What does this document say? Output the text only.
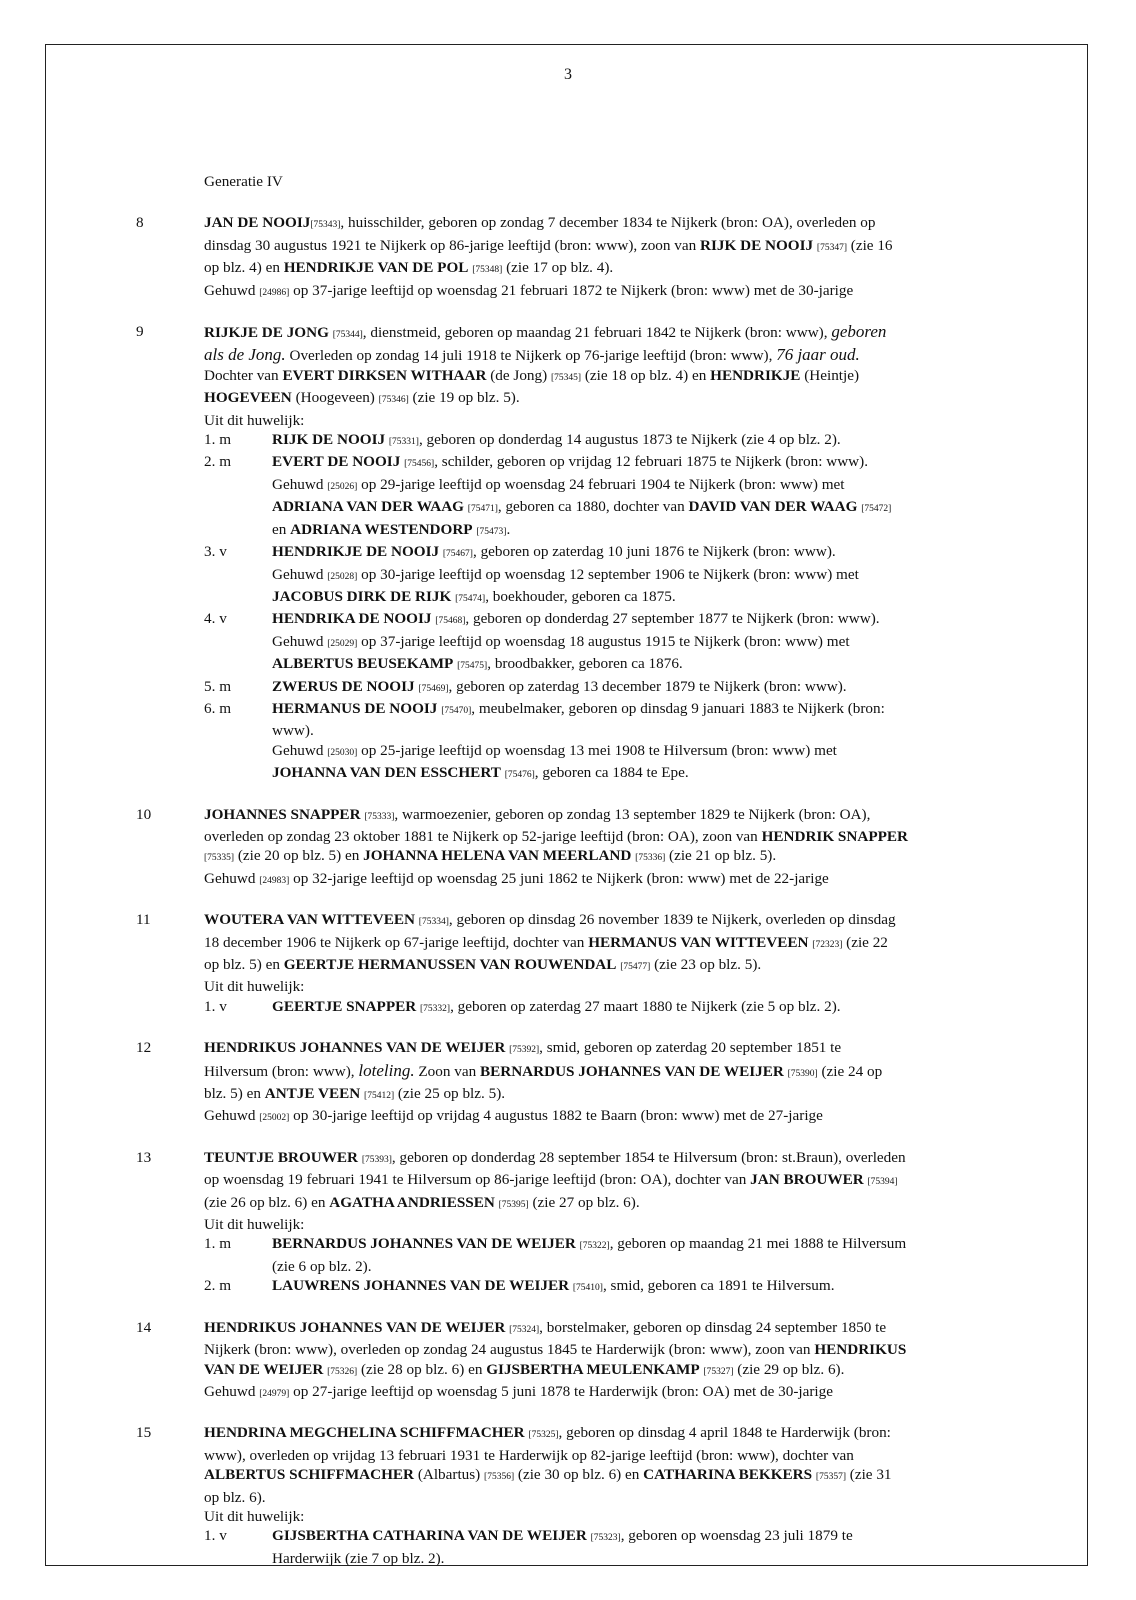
3
Generatie IV
8	JAN DE NOOIJ[75343], huisschilder, geboren op zondag 7 december 1834 te Nijkerk (bron: OA), overleden op
dinsdag 30 augustus 1921 te Nijkerk op 86-jarige leeftijd (bron: www), zoon van RIJK DE NOOIJ [75347] (zie 16
op blz. 4) en HENDRIKJE VAN DE POL [75348] (zie 17 op blz. 4).
Gehuwd [24986] op 37-jarige leeftijd op woensdag 21 februari 1872 te Nijkerk (bron: www) met de 30-jarige
9	RIJKJE DE JONG [75344], dienstmeid, geboren op maandag 21 februari 1842 te Nijkerk (bron: www), geboren
als de Jong. Overleden op zondag 14 juli 1918 te Nijkerk op 76-jarige leeftijd (bron: www), 76 jaar oud.
Dochter van EVERT DIRKSEN WITHAAR (de Jong) [75345] (zie 18 op blz. 4) en HENDRIKJE (Heintje)
HOGEVEEN (Hoogeveen) [75346] (zie 19 op blz. 5).
Uit dit huwelijk:
1. m	RIJK DE NOOIJ [75331], geboren op donderdag 14 augustus 1873 te Nijkerk (zie 4 op blz. 2).
2. m	EVERT DE NOOIJ [75456], schilder, geboren op vrijdag 12 februari 1875 te Nijkerk (bron: www).
Gehuwd [25026] op 29-jarige leeftijd op woensdag 24 februari 1904 te Nijkerk (bron: www) met
ADRIANA VAN DER WAAG [75471], geboren ca 1880, dochter van DAVID VAN DER WAAG [75472]
en ADRIANA WESTENDORP [75473].
3. v	HENDRIKJE DE NOOIJ [75467], geboren op zaterdag 10 juni 1876 te Nijkerk (bron: www).
Gehuwd [25028] op 30-jarige leeftijd op woensdag 12 september 1906 te Nijkerk (bron: www) met
JACOBUS DIRK DE RIJK [75474], boekhouder, geboren ca 1875.
4. v	HENDRIKA DE NOOIJ [75468], geboren op donderdag 27 september 1877 te Nijkerk (bron: www).
Gehuwd [25029] op 37-jarige leeftijd op woensdag 18 augustus 1915 te Nijkerk (bron: www) met
ALBERTUS BEUSEKAMP [75475], broodbakker, geboren ca 1876.
5. m	ZWERUS DE NOOIJ [75469], geboren op zaterdag 13 december 1879 te Nijkerk (bron: www).
6. m	HERMANUS DE NOOIJ [75470], meubelmaker, geboren op dinsdag 9 januari 1883 te Nijkerk (bron:
www).
Gehuwd [25030] op 25-jarige leeftijd op woensdag 13 mei 1908 te Hilversum (bron: www) met
JOHANNA VAN DEN ESSCHERT [75476], geboren ca 1884 te Epe.
10	JOHANNES SNAPPER [75333], warmoezenier, geboren op zondag 13 september 1829 te Nijkerk (bron: OA),
overleden op zondag 23 oktober 1881 te Nijkerk op 52-jarige leeftijd (bron: OA), zoon van HENDRIK SNAPPER
[75335] (zie 20 op blz. 5) en JOHANNA HELENA VAN MEERLAND [75336] (zie 21 op blz. 5).
Gehuwd [24983] op 32-jarige leeftijd op woensdag 25 juni 1862 te Nijkerk (bron: www) met de 22-jarige
11	WOUTERA VAN WITTEVEEN [75334], geboren op dinsdag 26 november 1839 te Nijkerk, overleden op dinsdag
18 december 1906 te Nijkerk op 67-jarige leeftijd, dochter van HERMANUS VAN WITTEVEEN [72323] (zie 22
op blz. 5) en GEERTJE HERMANUSSEN VAN ROUWENDAL [75477] (zie 23 op blz. 5).
Uit dit huwelijk:
1. v	GEERTJE SNAPPER [75332], geboren op zaterdag 27 maart 1880 te Nijkerk (zie 5 op blz. 2).
12	HENDRIKUS JOHANNES VAN DE WEIJER [75392], smid, geboren op zaterdag 20 september 1851 te
Hilversum (bron: www), loteling. Zoon van BERNARDUS JOHANNES VAN DE WEIJER [75390] (zie 24 op
blz. 5) en ANTJE VEEN [75412] (zie 25 op blz. 5).
Gehuwd [25002] op 30-jarige leeftijd op vrijdag 4 augustus 1882 te Baarn (bron: www) met de 27-jarige
13	TEUNTJE BROUWER [75393], geboren op donderdag 28 september 1854 te Hilversum (bron: st.Braun), overleden
op woensdag 19 februari 1941 te Hilversum op 86-jarige leeftijd (bron: OA), dochter van JAN BROUWER [75394]
(zie 26 op blz. 6) en AGATHA ANDRIESSEN [75395] (zie 27 op blz. 6).
Uit dit huwelijk:
1. m	BERNARDUS JOHANNES VAN DE WEIJER [75322], geboren op maandag 21 mei 1888 te Hilversum
(zie 6 op blz. 2).
2. m	LAUWRENS JOHANNES VAN DE WEIJER [75410], smid, geboren ca 1891 te Hilversum.
14	HENDRIKUS JOHANNES VAN DE WEIJER [75324], borstelmaker, geboren op dinsdag 24 september 1850 te
Nijkerk (bron: www), overleden op zondag 24 augustus 1845 te Harderwijk (bron: www), zoon van HENDRIKUS
VAN DE WEIJER [75326] (zie 28 op blz. 6) en GIJSBERTHA MEULENKAMP [75327] (zie 29 op blz. 6).
Gehuwd [24979] op 27-jarige leeftijd op woensdag 5 juni 1878 te Harderwijk (bron: OA) met de 30-jarige
15	HENDRINA MEGCHELINA SCHIFFMACHER [75325], geboren op dinsdag 4 april 1848 te Harderwijk (bron:
www), overleden op vrijdag 13 februari 1931 te Harderwijk op 82-jarige leeftijd (bron: www), dochter van
ALBERTUS SCHIFFMACHER (Albartus) [75356] (zie 30 op blz. 6) en CATHARINA BEKKERS [75357] (zie 31
op blz. 6).
Uit dit huwelijk:
1. v	GIJSBERTHA CATHARINA VAN DE WEIJER [75323], geboren op woensdag 23 juli 1879 te
Harderwijk (zie 7 op blz. 2).
